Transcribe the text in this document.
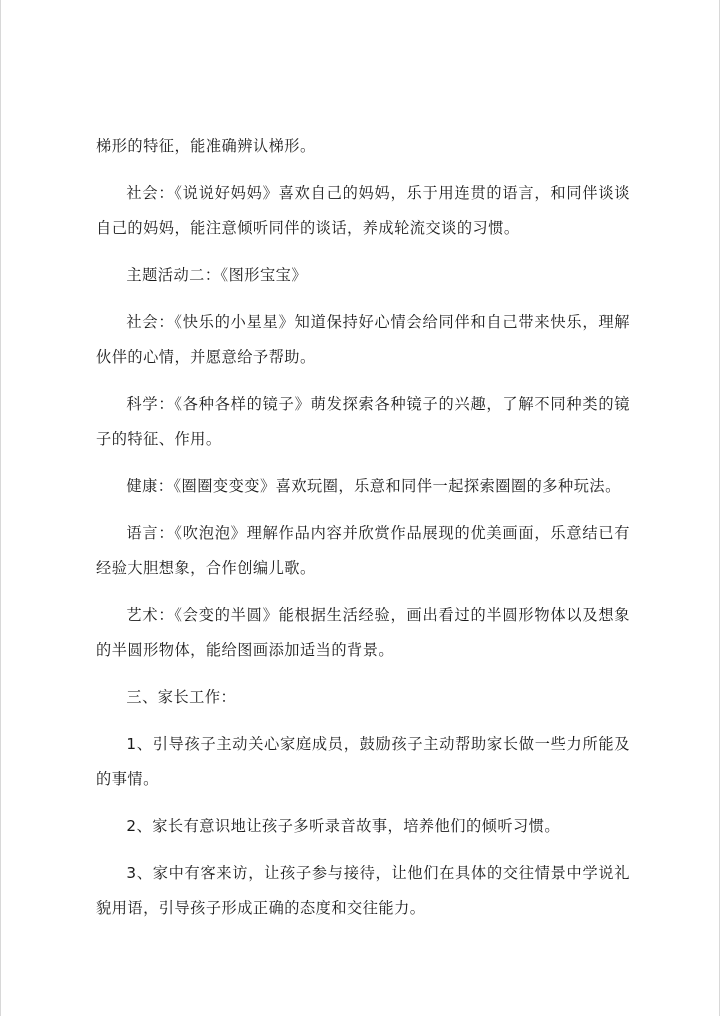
梯形的特征，能准确辨认梯形。

社会：《说说好妈妈》喜欢自己的妈妈，乐于用连贯的语言，和同伴谈谈自己的妈妈，能注意倾听同伴的谈话，养成轮流交谈的习惯。

主题活动二：《图形宝宝》

社会：《快乐的小星星》知道保持好心情会给同伴和自己带来快乐，理解伙伴的心情，并愿意给予帮助。

科学：《各种各样的镜子》萌发探索各种镜子的兴趣，了解不同种类的镜子的特征、作用。

健康：《圈圈变变变》喜欢玩圈，乐意和同伴一起探索圈圈的多种玩法。

语言：《吹泡泡》理解作品内容并欣赏作品展现的优美画面，乐意结已有经验大胆想象，合作创编儿歌。

艺术：《会变的半圆》能根据生活经验，画出看过的半圆形物体以及想象的半圆形物体，能给图画添加适当的背景。

三、家长工作：

1、引导孩子主动关心家庭成员，鼓励孩子主动帮助家长做一些力所能及的事情。

2、家长有意识地让孩子多听录音故事，培养他们的倾听习惯。

3、家中有客来访，让孩子参与接待，让他们在具体的交往情景中学说礼貌用语，引导孩子形成正确的态度和交往能力。
